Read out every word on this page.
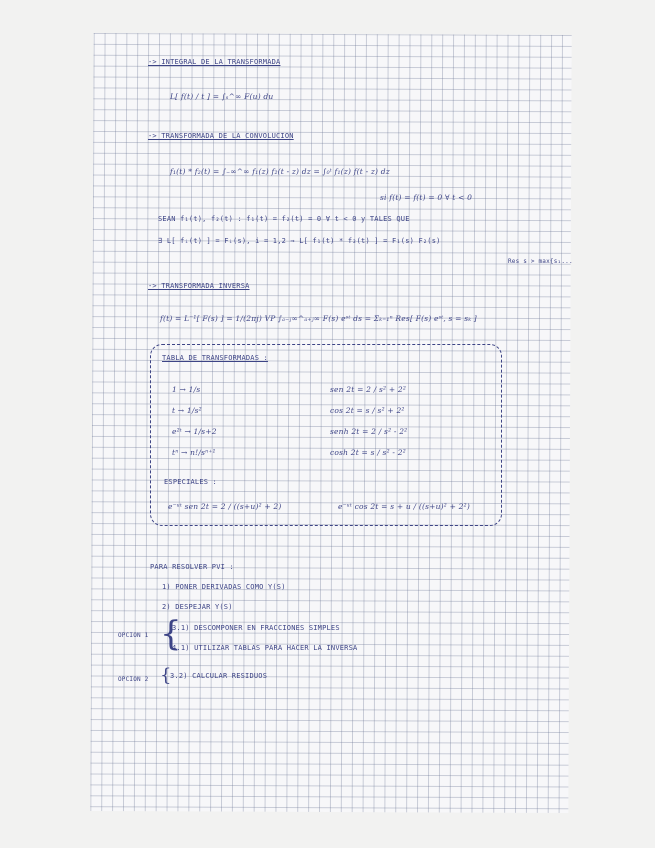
-> INTEGRAL DE LA TRANSFORMADA
L[ f(t) / t ] = ∫ₛ^∞ F(u) du
-> TRANSFORMADA DE LA CONVOLUCION
f₁(t) * f₂(t) = ∫₋∞^∞ f₁(z) f₂(t - z) dz = ∫₀ᵗ f₁(z) f(t - z) dz
si f(t) = f(t) = 0 ∀ t < 0
SEAN f₁(t), f₂(t) : f₁(t) = f₂(t) = 0 ∀ t < 0 y TALES QUE
∃ L[ fᵢ(t) ] = Fᵢ(s), i = 1,2 ⇒ L[ f₁(t) * f₂(t) ] = F₁(s) F₂(s)
Res s > max{s₁...
-> TRANSFORMADA INVERSA
f(t) = L⁻¹[ F(s) ] = 1/(2πj) VP ∫ₐ₋ⱼ∞^ₐ₊ⱼ∞ F(s) eˢᵗ ds = Σₖ₌₁ⁿ Res[ F(s) eˢᵗ, s = sₖ ]
TABLA DE TRANSFORMADAS :
1 → 1/s
t → 1/s²
e²ᵗ → 1/s+2
tⁿ → n!/sⁿ⁺¹
sen 2t = 2 / s² + 2²
cos 2t = s / s² + 2²
senh 2t = 2 / s² - 2²
cosh 2t = s / s² - 2²
ESPECIALES :
e⁻ᵘᵗ sen 2t = 2 / ((s+u)² + 2)	e⁻ᵘᵗ cos 2t = s + u / ((s+u)² + 2²)
PARA RESOLVER PVI :
1) PONER DERIVADAS COMO Y(S)
2) DESPEJAR Y(S)
OPCION 1 {
3.1) DESCOMPONER EN FRACCIONES SIMPLES
4.1) UTILIZAR TABLAS PARA HACER LA INVERSA
OPCION 2 {
3.2) CALCULAR RESIDUOS
